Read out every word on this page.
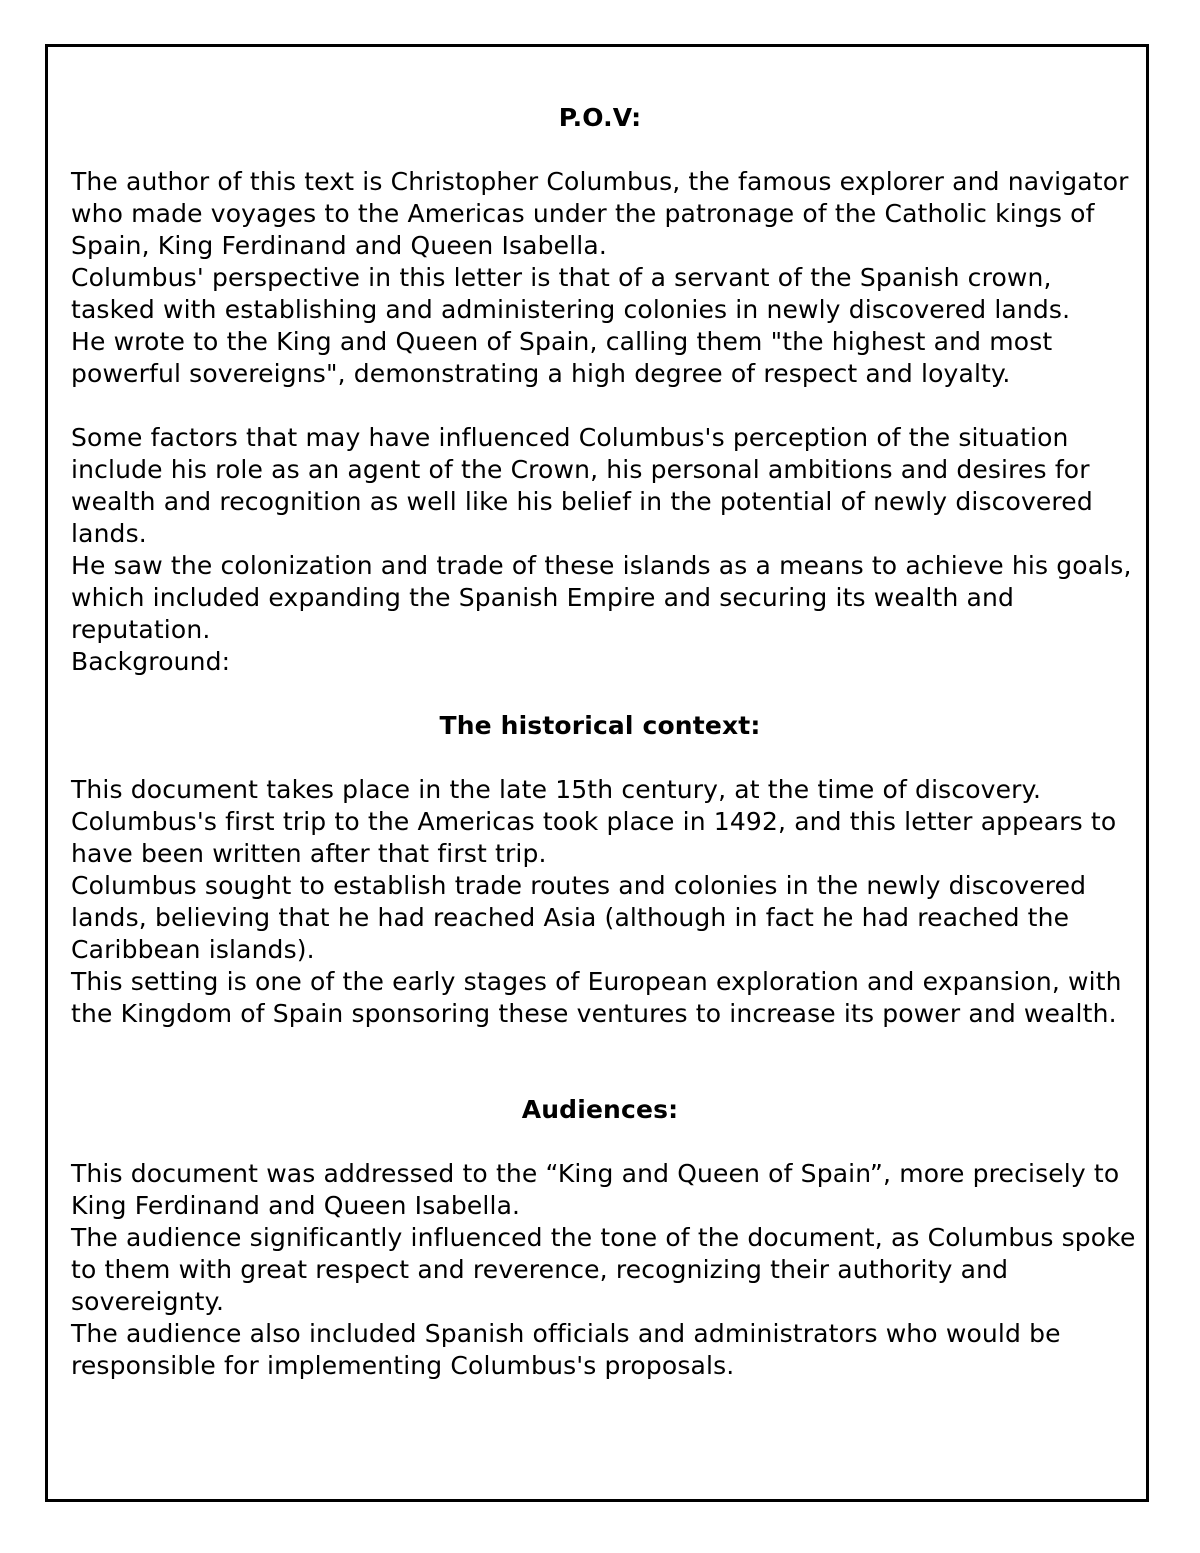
P.O.V:

The author of this text is Christopher Columbus, the famous explorer and navigator who made voyages to the Americas under the patronage of the Catholic kings of Spain, King Ferdinand and Queen Isabella.

Columbus' perspective in this letter is that of a servant of the Spanish crown, tasked with establishing and administering colonies in newly discovered lands.

He wrote to the King and Queen of Spain, calling them "the highest and most powerful sovereigns", demonstrating a high degree of respect and loyalty.

Some factors that may have influenced Columbus's perception of the situation include his role as an agent of the Crown, his personal ambitions and desires for wealth and recognition as well like his belief in the potential of newly discovered lands.

He saw the colonization and trade of these islands as a means to achieve his goals, which included expanding the Spanish Empire and securing its wealth and reputation.

Background:

The historical context:

This document takes place in the late 15th century, at the time of discovery.

Columbus's first trip to the Americas took place in 1492, and this letter appears to have been written after that first trip.

Columbus sought to establish trade routes and colonies in the newly discovered lands, believing that he had reached Asia (although in fact he had reached the Caribbean islands).

This setting is one of the early stages of European exploration and expansion, with the Kingdom of Spain sponsoring these ventures to increase its power and wealth.

Audiences:

This document was addressed to the “King and Queen of Spain”, more precisely to King Ferdinand and Queen Isabella.

The audience significantly influenced the tone of the document, as Columbus spoke to them with great respect and reverence, recognizing their authority and sovereignty.

The audience also included Spanish officials and administrators who would be responsible for implementing Columbus's proposals.
